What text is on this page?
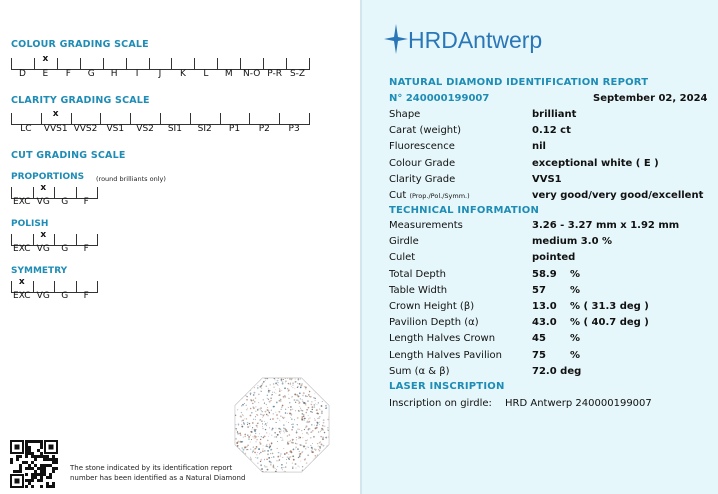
COLOUR GRADING SCALE
D E
x
F G H I J K L M N-O P-R S-Z
CLARITY GRADING SCALE
LC VVS1
x
VVS2 VS1 VS2 SI1 SI2 P1 P2 P3
CUT GRADING SCALE
PROPORTIONS (round brilliants only)
EXC VG
x
G F
POLISH
EXC VG
x
G F
SYMMETRY
EXC
x
VG G F
The stone indicated by its identification report
number has been identified as a Natural Diamond
HRDAntwerp
NATURAL DIAMOND IDENTIFICATION REPORT
N° 240000199007	September 02, 2024
Shape	brilliant
Carat (weight)	0.12 ct
Fluorescence	nil
Colour Grade	exceptional white ( E )
Clarity Grade	VVS1
Cut (Prop./Pol./Symm.)	very good/very good/excellent
TECHNICAL INFORMATION
Measurements	3.26 - 3.27 mm x 1.92 mm
Girdle	medium 3.0 %
Culet	pointed
Total Depth	58.9 %
Table Width	57 %
Crown Height (β)	13.0 % ( 31.3 deg )
Pavilion Depth (α)	43.0 % ( 40.7 deg )
Length Halves Crown	45 %
Length Halves Pavilion	75 %
Sum (α & β)	72.0 deg
LASER INSCRIPTION
Inscription on girdle: HRD Antwerp 240000199007
